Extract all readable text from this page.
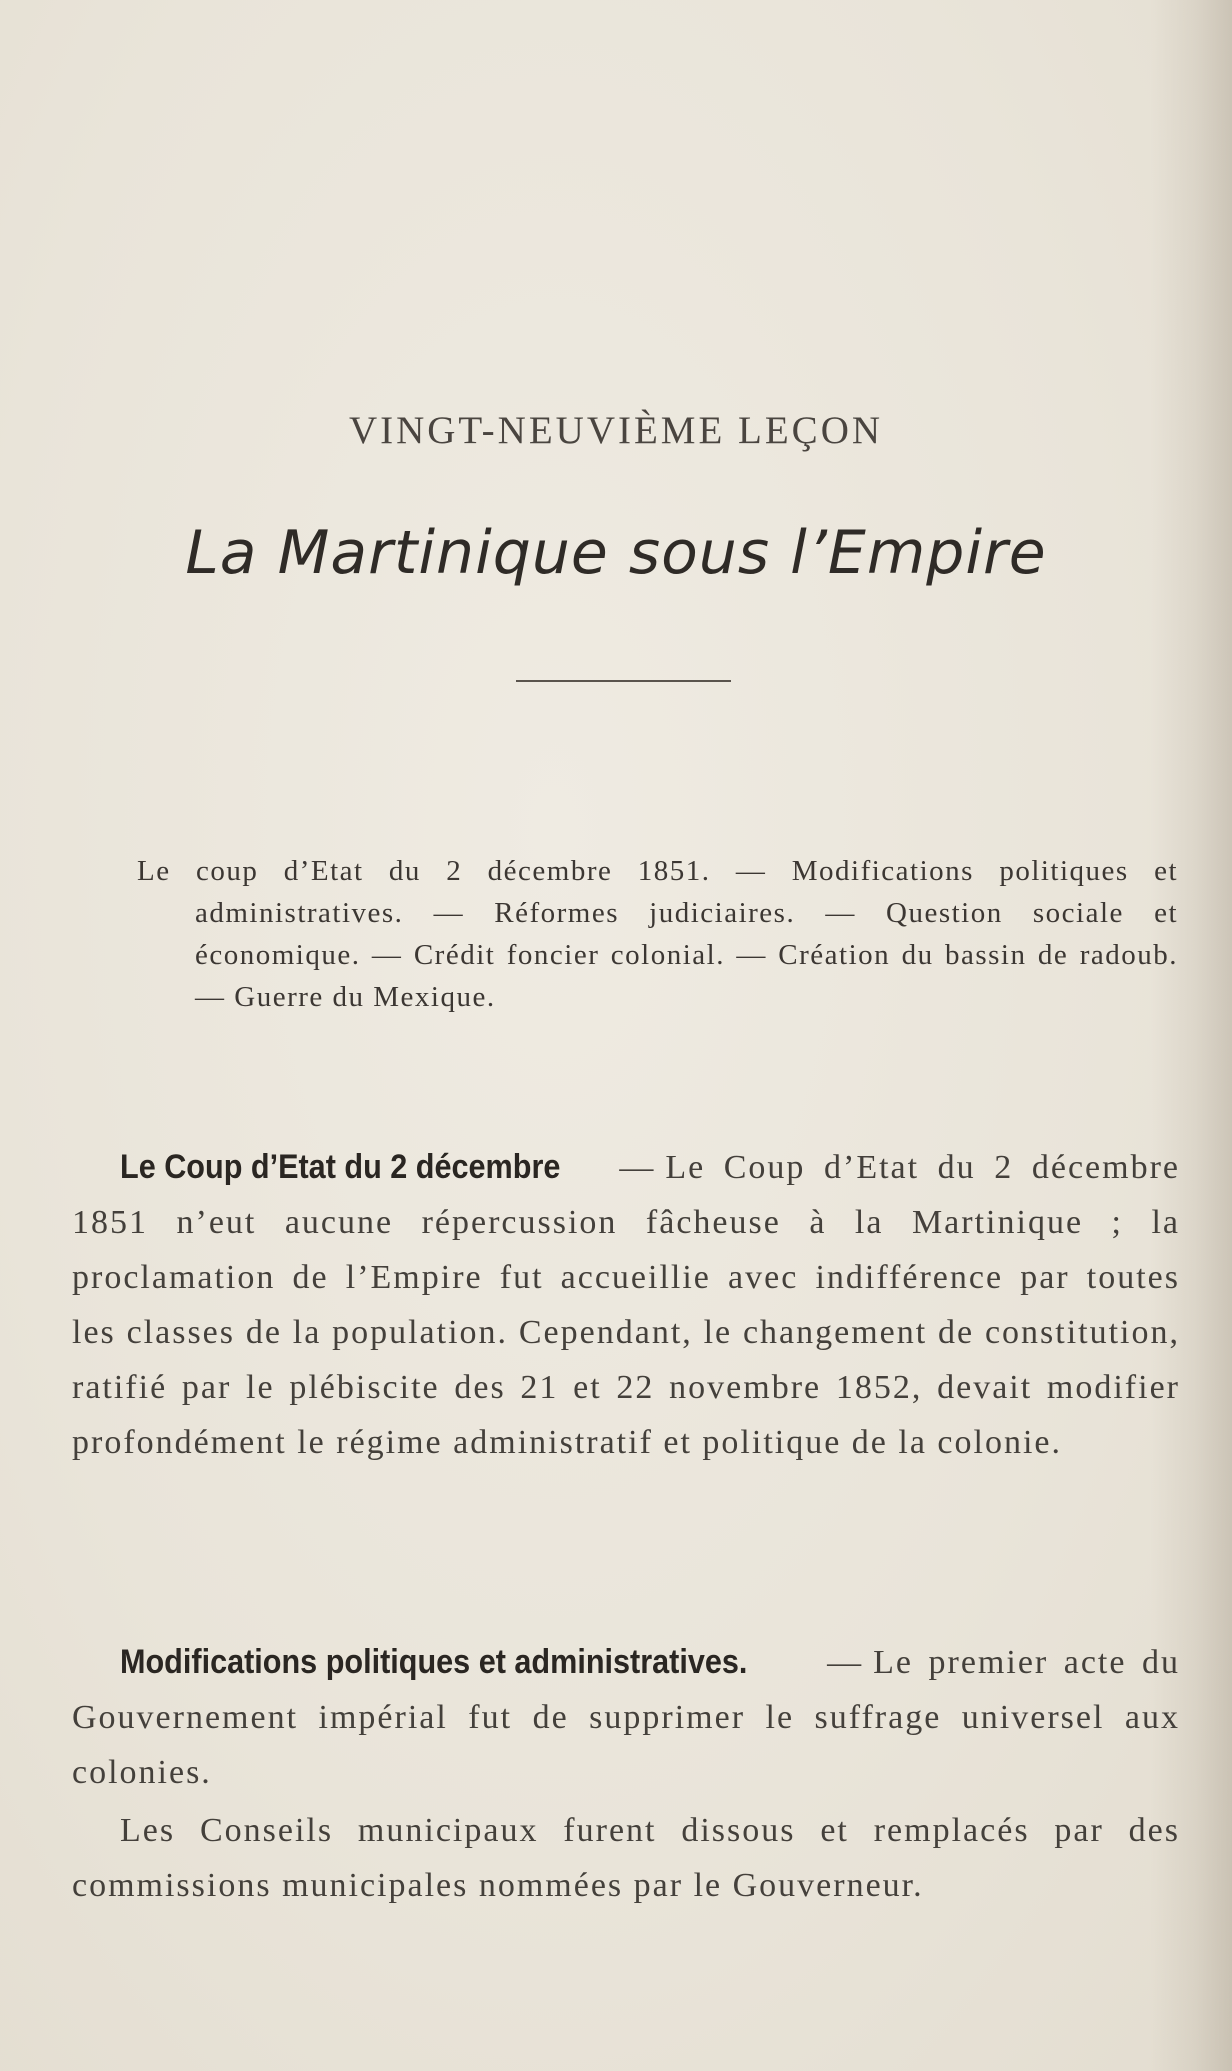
VINGT-NEUVIÈME LEÇON
La Martinique sous l’Empire
Le coup d’Etat du 2 décembre 1851. — Modifications politiques et administratives. — Réformes judiciaires. — Question sociale et économique. — Crédit foncier colonial. — Création du bassin de radoub. — Guerre du Mexique.
Le Coup d’Etat du 2 décembre — Le Coup d’Etat du 2 décembre 1851 n’eut aucune répercussion fâcheuse à la Martinique ; la proclamation de l’Empire fut accueillie avec indifférence par toutes les classes de la population. Cependant, le changement de constitution, ratifié par le plébiscite des 21 et 22 novembre 1852, devait modifier profondément le régime administratif et politique de la colonie.
Modifications politiques et administratives. — Le premier acte du Gouvernement impérial fut de supprimer le suffrage universel aux colonies.
Les Conseils municipaux furent dissous et remplacés par des commissions municipales nommées par le Gouverneur.
